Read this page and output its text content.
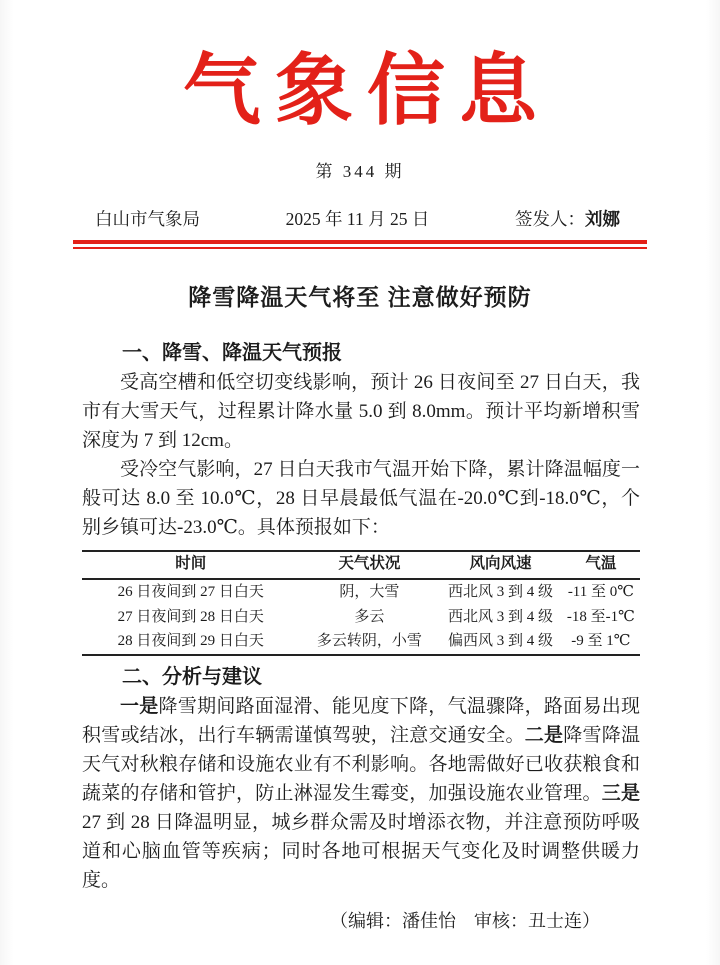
气象信息
第 344 期
白山市气象局	2025 年 11 月 25 日	签发人：刘娜
降雪降温天气将至 注意做好预防
一、降雪、降温天气预报

受高空槽和低空切变线影响，预计 26 日夜间至 27 日白天，我市有大雪天气，过程累计降水量 5.0 到 8.0mm。预计平均新增积雪深度为 7 到 12cm。

受冷空气影响，27 日白天我市气温开始下降，累计降温幅度一般可达 8.0 至 10.0℃，28 日早晨最低气温在-20.0℃到-18.0℃，个别乡镇可达-23.0℃。具体预报如下：

时间	天气状况	风向风速	气温
26 日夜间到 27 日白天	阴，大雪	西北风 3 到 4 级	-11 至 0℃
27 日夜间到 28 日白天	多云	西北风 3 到 4 级	-18 至-1℃
28 日夜间到 29 日白天	多云转阴，小雪	偏西风 3 到 4 级	-9 至 1℃
二、分析与建议

一是降雪期间路面湿滑、能见度下降，气温骤降，路面易出现积雪或结冰，出行车辆需谨慎驾驶，注意交通安全。二是降雪降温天气对秋粮存储和设施农业有不利影响。各地需做好已收获粮食和蔬菜的存储和管护，防止淋湿发生霉变，加强设施农业管理。三是27 到 28 日降温明显，城乡群众需及时增添衣物，并注意预防呼吸道和心脑血管等疾病；同时各地可根据天气变化及时调整供暖力度。

（编辑：潘佳怡　审核：丑士连）
